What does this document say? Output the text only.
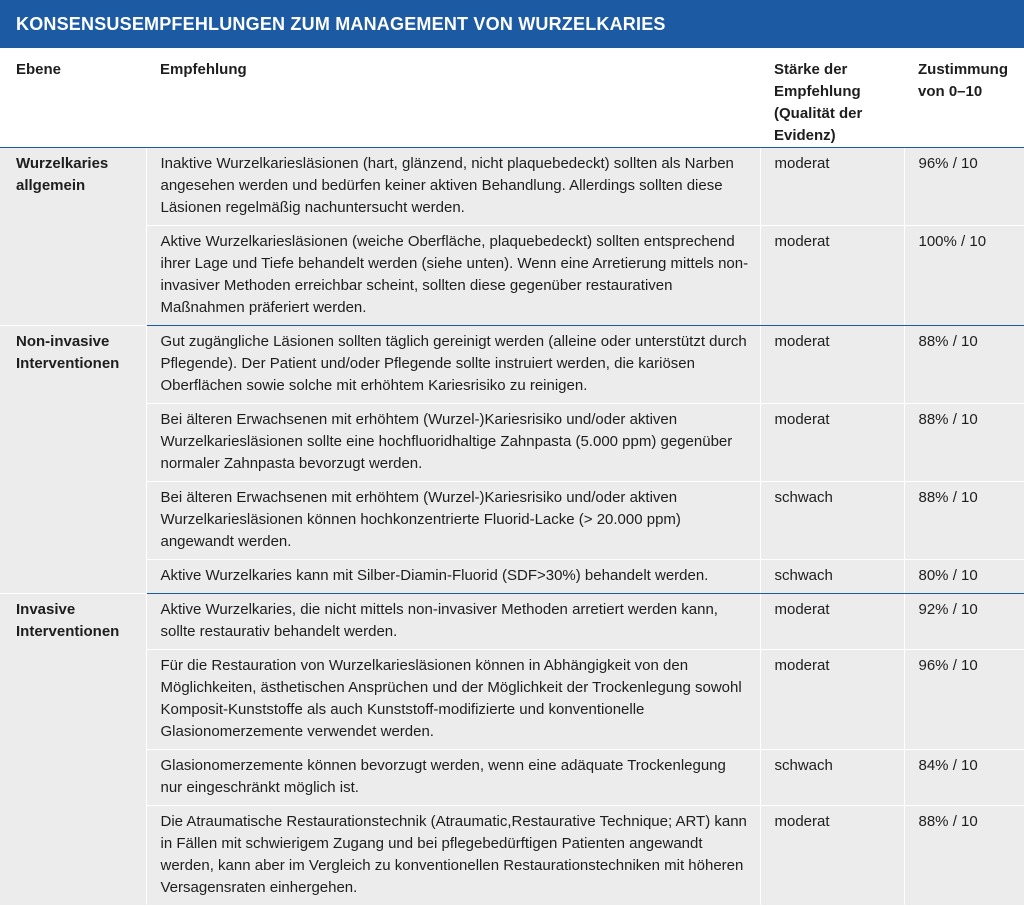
KONSENSUSEMPFEHLUNGEN ZUM MANAGEMENT VON WURZELKARIES
Ebene	Empfehlung	Stärke der Empfehlung (Qualität der Evidenz)	Zustimmung von 0–10
Wurzelkaries allgemein	Inaktive Wurzelkariesläsionen (hart, glänzend, nicht plaquebedeckt) sollten als Narben angesehen werden und bedürfen keiner aktiven Behandlung. Allerdings sollten diese Läsionen regelmäßig nachuntersucht werden.	moderat	96% / 10
	Aktive Wurzelkariesläsionen (weiche Oberfläche, plaquebedeckt) sollten entsprechend ihrer Lage und Tiefe behandelt werden (siehe unten). Wenn eine Arretierung mittels non-invasiver Methoden erreichbar scheint, sollten diese gegenüber restaurativen Maßnahmen präferiert werden.	moderat	100% / 10
Non-invasive Interventionen	Gut zugängliche Läsionen sollten täglich gereinigt werden (alleine oder unterstützt durch Pflegende). Der Patient und/oder Pflegende sollte instruiert werden, die kariösen Oberflächen sowie solche mit erhöhtem Kariesrisiko zu reinigen.	moderat	88% / 10
	Bei älteren Erwachsenen mit erhöhtem (Wurzel-)Kariesrisiko und/oder aktiven Wurzelkariesläsionen sollte eine hochfluoridhaltige Zahnpasta (5.000 ppm) gegenüber normaler Zahnpasta bevorzugt werden.	moderat	88% / 10
	Bei älteren Erwachsenen mit erhöhtem (Wurzel-)Kariesrisiko und/oder aktiven Wurzelkariesläsionen können hochkonzentrierte Fluorid-Lacke (> 20.000 ppm) angewandt werden.	schwach	88% / 10
	Aktive Wurzelkaries kann mit Silber-Diamin-Fluorid (SDF>30%) behandelt werden.	schwach	80% / 10
Invasive Interventionen	Aktive Wurzelkaries, die nicht mittels non-invasiver Methoden arretiert werden kann, sollte restaurativ behandelt werden.	moderat	92% / 10
	Für die Restauration von Wurzelkariesläsionen können in Abhängigkeit von den Möglichkeiten, ästhetischen Ansprüchen und der Möglichkeit der Trockenlegung sowohl Komposit-Kunststoffe als auch Kunststoff-modifizierte und konventionelle Glasionomerzemente verwendet werden.	moderat	96% / 10
	Glasionomerzemente können bevorzugt werden, wenn eine adäquate Trockenlegung nur eingeschränkt möglich ist.	schwach	84% / 10
	Die Atraumatische Restaurationstechnik (Atraumatic,Restaurative Technique; ART) kann in Fällen mit schwierigem Zugang und bei pflegebedürftigen Patienten angewandt werden, kann aber im Vergleich zu konventionellen Restaurationstechniken mit höheren Versagensraten einhergehen.	moderat	88% / 10
